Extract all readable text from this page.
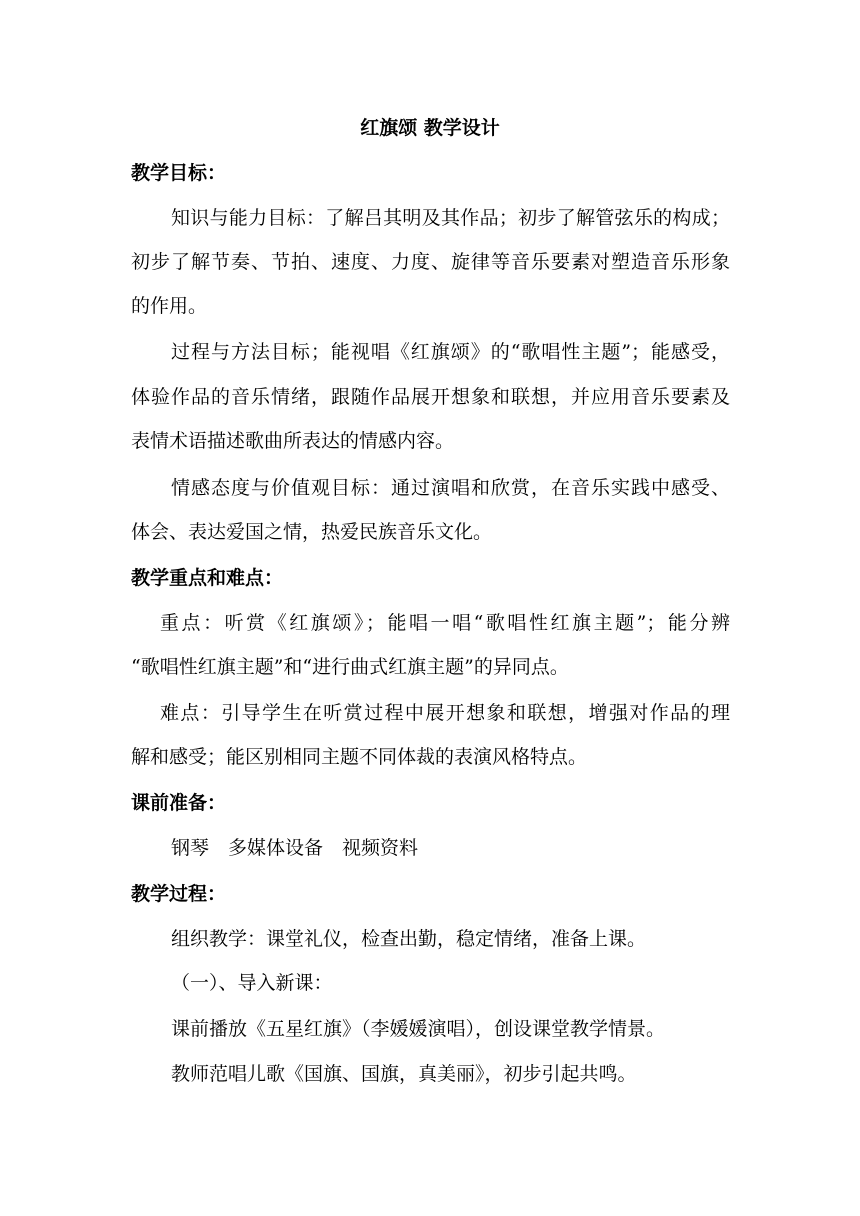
红旗颂 教学设计
教学目标：
知识与能力目标：了解吕其明及其作品；初步了解管弦乐的构成；
初步了解节奏、节拍、速度、力度、旋律等音乐要素对塑造音乐形象
的作用。
过程与方法目标；能视唱《红旗颂》的“歌唱性主题”；能感受，
体验作品的音乐情绪，跟随作品展开想象和联想，并应用音乐要素及
表情术语描述歌曲所表达的情感内容。
情感态度与价值观目标：通过演唱和欣赏，在音乐实践中感受、
体会、表达爱国之情，热爱民族音乐文化。
教学重点和难点：
重点：听赏《红旗颂》；能唱一唱“歌唱性红旗主题”；能分辨
“歌唱性红旗主题”和“进行曲式红旗主题”的异同点。
难点：引导学生在听赏过程中展开想象和联想，增强对作品的理
解和感受；能区别相同主题不同体裁的表演风格特点。
课前准备：
钢琴　多媒体设备　视频资料
教学过程：
组织教学：课堂礼仪，检查出勤，稳定情绪，准备上课。
（一）、导入新课：
课前播放《五星红旗》（李媛媛演唱），创设课堂教学情景。
教师范唱儿歌《国旗、国旗，真美丽》，初步引起共鸣。
